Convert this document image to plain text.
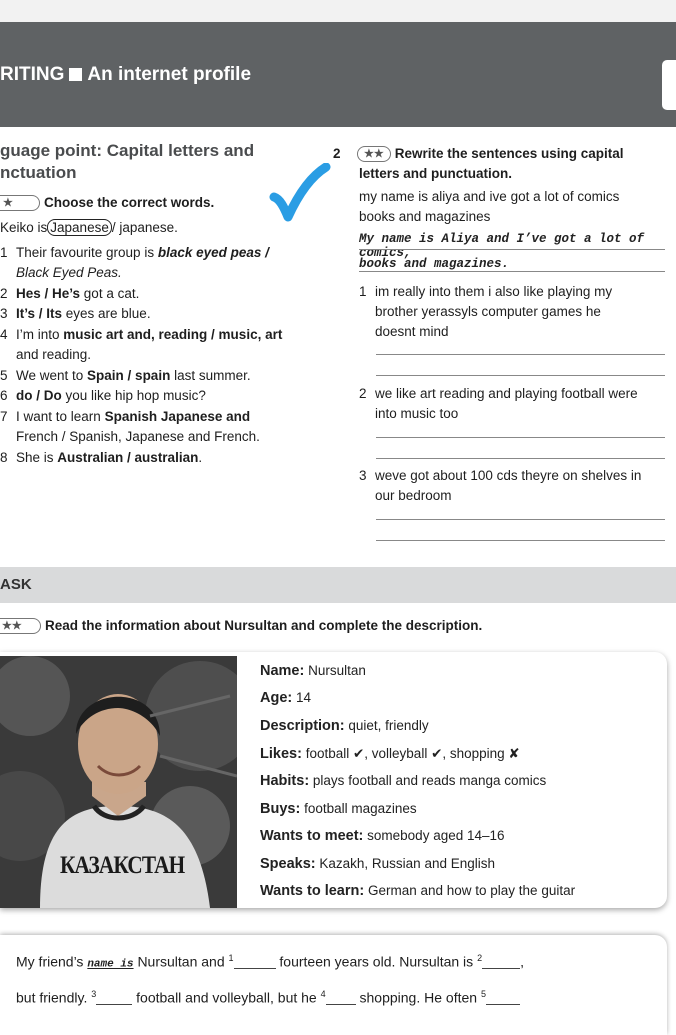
RITING An internet profile
guage point: Capital letters and
nctuation
★ Choose the correct words.
Keiko is Japanese / japanese.
1 Their favourite group is black eyed peas /
Black Eyed Peas.
2 Hes / He’s got a cat.
3 It’s / Its eyes are blue.
4 I’m into music art and, reading / music, art
and reading.
5 We went to Spain / spain last summer.
6 do / Do you like hip hop music?
7 I want to learn Spanish Japanese and
French / Spanish, Japanese and French.
8 She is Australian / australian.
2 ★★ Rewrite the sentences using capital
letters and punctuation.
my name is aliya and ive got a lot of comics
books and magazines
My name is Aliya and I’ve got a lot of comics,
books and magazines.
1 im really into them i also like playing my
brother yerassyls computer games he
doesnt mind
2 we like art reading and playing football were
into music too
3 weve got about 100 cds theyre on shelves in
our bedroom
ASK
★★ Read the information about Nursultan and complete the description.
КАЗАКСТАН
Name: Nursultan
Age: 14
Description: quiet, friendly
Likes: football ✔, volleyball ✔, shopping ✘
Habits: plays football and reads manga comics
Buys: football magazines
Wants to meet: somebody aged 14–16
Speaks: Kazakh, Russian and English
Wants to learn: German and how to play the guitar
My friend’s name is Nursultan and $^1$	fourteen years old. Nursultan is $^2$	,
but friendly. $^3$	football and volleyball, but he $^4$ shopping. He often $^5$
